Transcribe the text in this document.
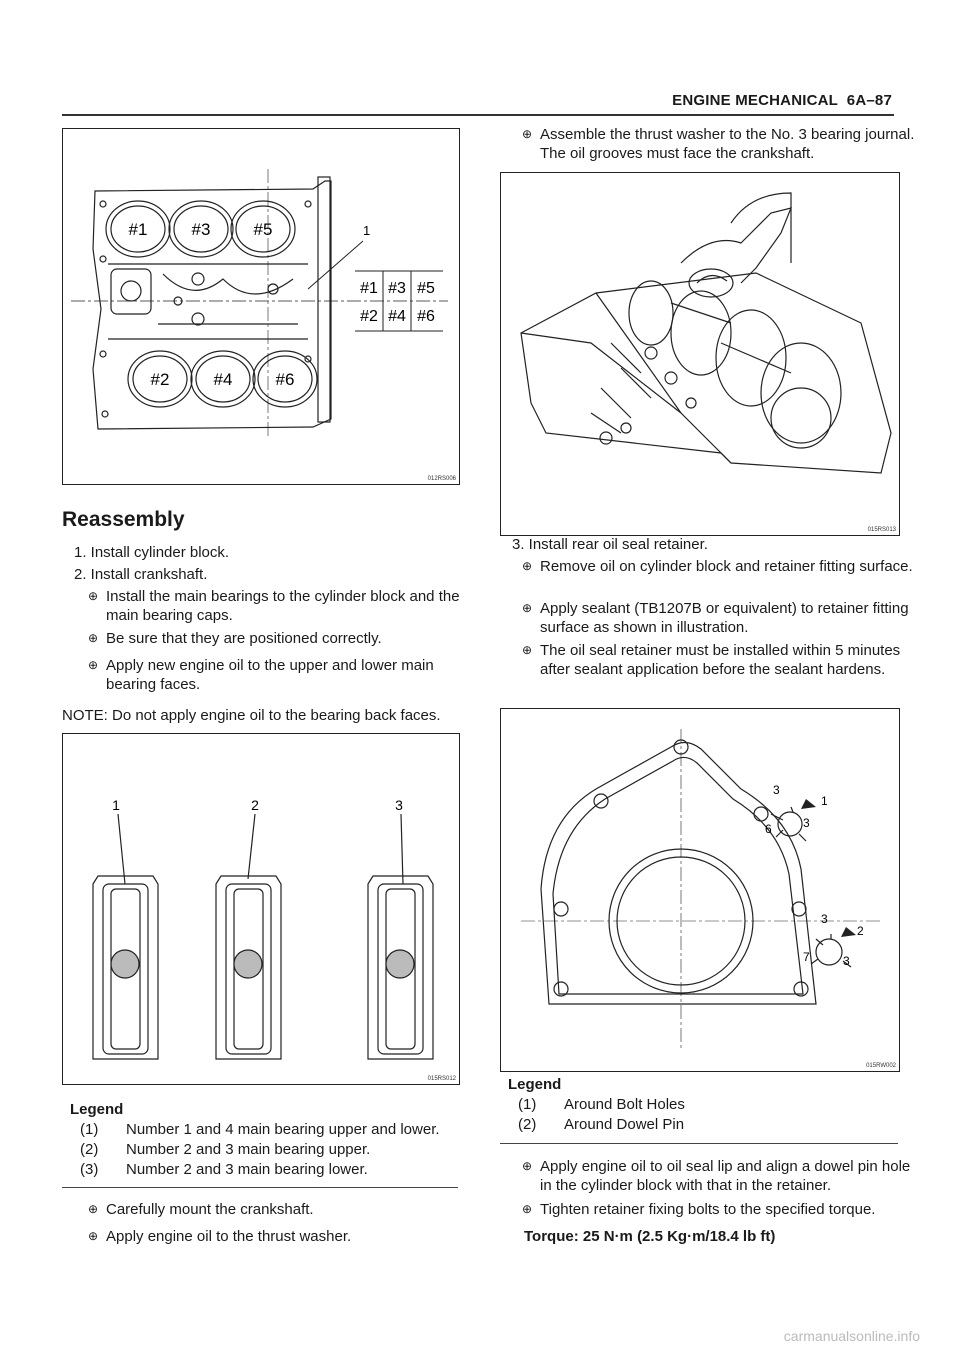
ENGINE MECHANICAL 6A–87
1
#1	#3	#5
#2	#4	#6
#1 #3 #5
#2 #4 #6
012RS006
Reassembly
1. Install cylinder block.
2. Install crankshaft.
⊕ Install the main bearings to the cylinder block and the main bearing caps.
⊕ Be sure that they are positioned correctly.
⊕ Apply new engine oil to the upper and lower main bearing faces.
NOTE: Do not apply engine oil to the bearing back faces.
1	2	3
015RS012
Legend
(1) Number 1 and 4 main bearing upper and lower.
(2) Number 2 and 3 main bearing upper.
(3) Number 2 and 3 main bearing lower.
⊕ Carefully mount the crankshaft.
⊕ Apply engine oil to the thrust washer.
⊕ Assemble the thrust washer to the No. 3 bearing journal. The oil grooves must face the crankshaft.
015RS013
3. Install rear oil seal retainer.
⊕ Remove oil on cylinder block and retainer fitting surface.
⊕ Apply sealant (TB1207B or equivalent) to retainer fitting surface as shown in illustration.
⊕ The oil seal retainer must be installed within 5 minutes after sealant application before the sealant hardens.
3
1
6	3
3
2
7	3
015RW002
Legend
(1) Around Bolt Holes
(2) Around Dowel Pin
⊕ Apply engine oil to oil seal lip and align a dowel pin hole in the cylinder block with that in the retainer.
⊕ Tighten retainer fixing bolts to the specified torque.
Torque: 25 N·m (2.5 Kg·m/18.4 lb ft)
carmanualsonline.info
